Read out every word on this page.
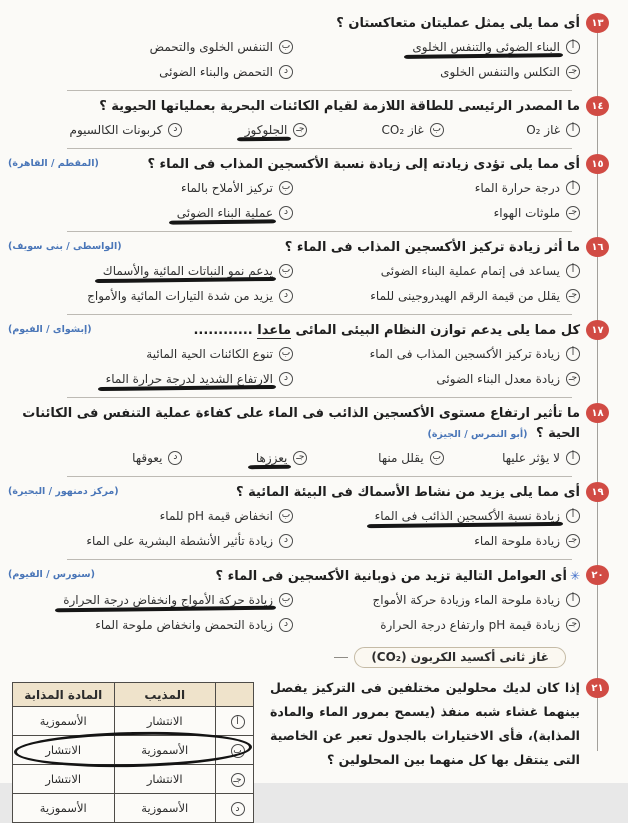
١٣
أى مما يلى يمثل عمليتان متعاكستان ؟
أ
البناء الضوئى والتنفس الخلوى
ب
التنفس الخلوى والتحمض
جـ
التكلس والتنفس الخلوى
د
التحمض والبناء الضوئى
١٤
ما المصدر الرئيسى للطاقة اللازمة لقيام الكائنات البحرية بعملياتها الحيوية ؟
أ
غاز O₂
ب
غاز CO₂
جـ
الجلوكوز
د
كربونات الكالسيوم
١٥
(المقطم / القاهرة)	أى مما يلى تؤدى زيادته إلى زيادة نسبة الأكسجين المذاب فى الماء ؟
أ
درجة حرارة الماء
ب
تركيز الأملاح بالماء
جـ
ملوثات الهواء
د
عملية البناء الضوئى
١٦
(الواسطى / بنى سويف)	ما أثر زيادة تركيز الأكسجين المذاب فى الماء ؟
أ
يساعد فى إتمام عملية البناء الضوئى
ب
يدعم نمو النباتات المائية والأسماك
جـ
يقلل من قيمة الرقم الهيدروجينى للماء
د
يزيد من شدة التيارات المائية والأمواج
١٧
(إبشواى / الفيوم)	كل مما يلى يدعم توازن النظام البيئى المائى ماعدا ............
أ
زيادة تركيز الأكسجين المذاب فى الماء
ب
تنوع الكائنات الحية المائية
جـ
زيادة معدل البناء الضوئى
د
الارتفاع الشديد لدرجة حرارة الماء
١٨
ما تأثير ارتفاع مستوى الأكسجين الذائب فى الماء على كفاءة عملية التنفس فى الكائنات الحية ؟ (أبو النمرس / الجيزة)
أ
لا يؤثر عليها
ب
يقلل منها
جـ
يعززها
د
يعوقها
١٩
(مركز دمنهور / البحيرة)	أى مما يلى يزيد من نشاط الأسماك فى البيئة المائية ؟
أ
زيادة نسبة الأكسجين الذائب فى الماء
ب
انخفاض قيمة pH للماء
جـ
زيادة ملوحة الماء
د
زيادة تأثير الأنشطة البشرية على الماء
٢٠
(سنورس / الفيوم)	✳أى العوامل التالية تزيد من ذوبانية الأكسجين فى الماء ؟
أ
زيادة ملوحة الماء وزيادة حركة الأمواج
ب
زيادة حركة الأمواج وانخفاض درجة الحرارة
جـ
زيادة قيمة pH وارتفاع درجة الحرارة
د
زيادة التحمض وانخفاض ملوحة الماء
غاز ثانى أكسيد الكربون (CO₂)
٢١
إذا كان لديك محلولين مختلفين فى التركيز يفصل بينهما غشاء شبه منفذ (يسمح بمرور الماء والمادة المذابة)، فأى الاختيارات بالجدول تعبر عن الخاصية التى ينتقل بها كل منهما بين المحلولين ؟
	المذيب	المادة المذابة
أ	الانتشار	الأسموزية
ب	الأسموزية	الانتشار
جـ	الانتشار	الانتشار
د	الأسموزية	الأسموزية
